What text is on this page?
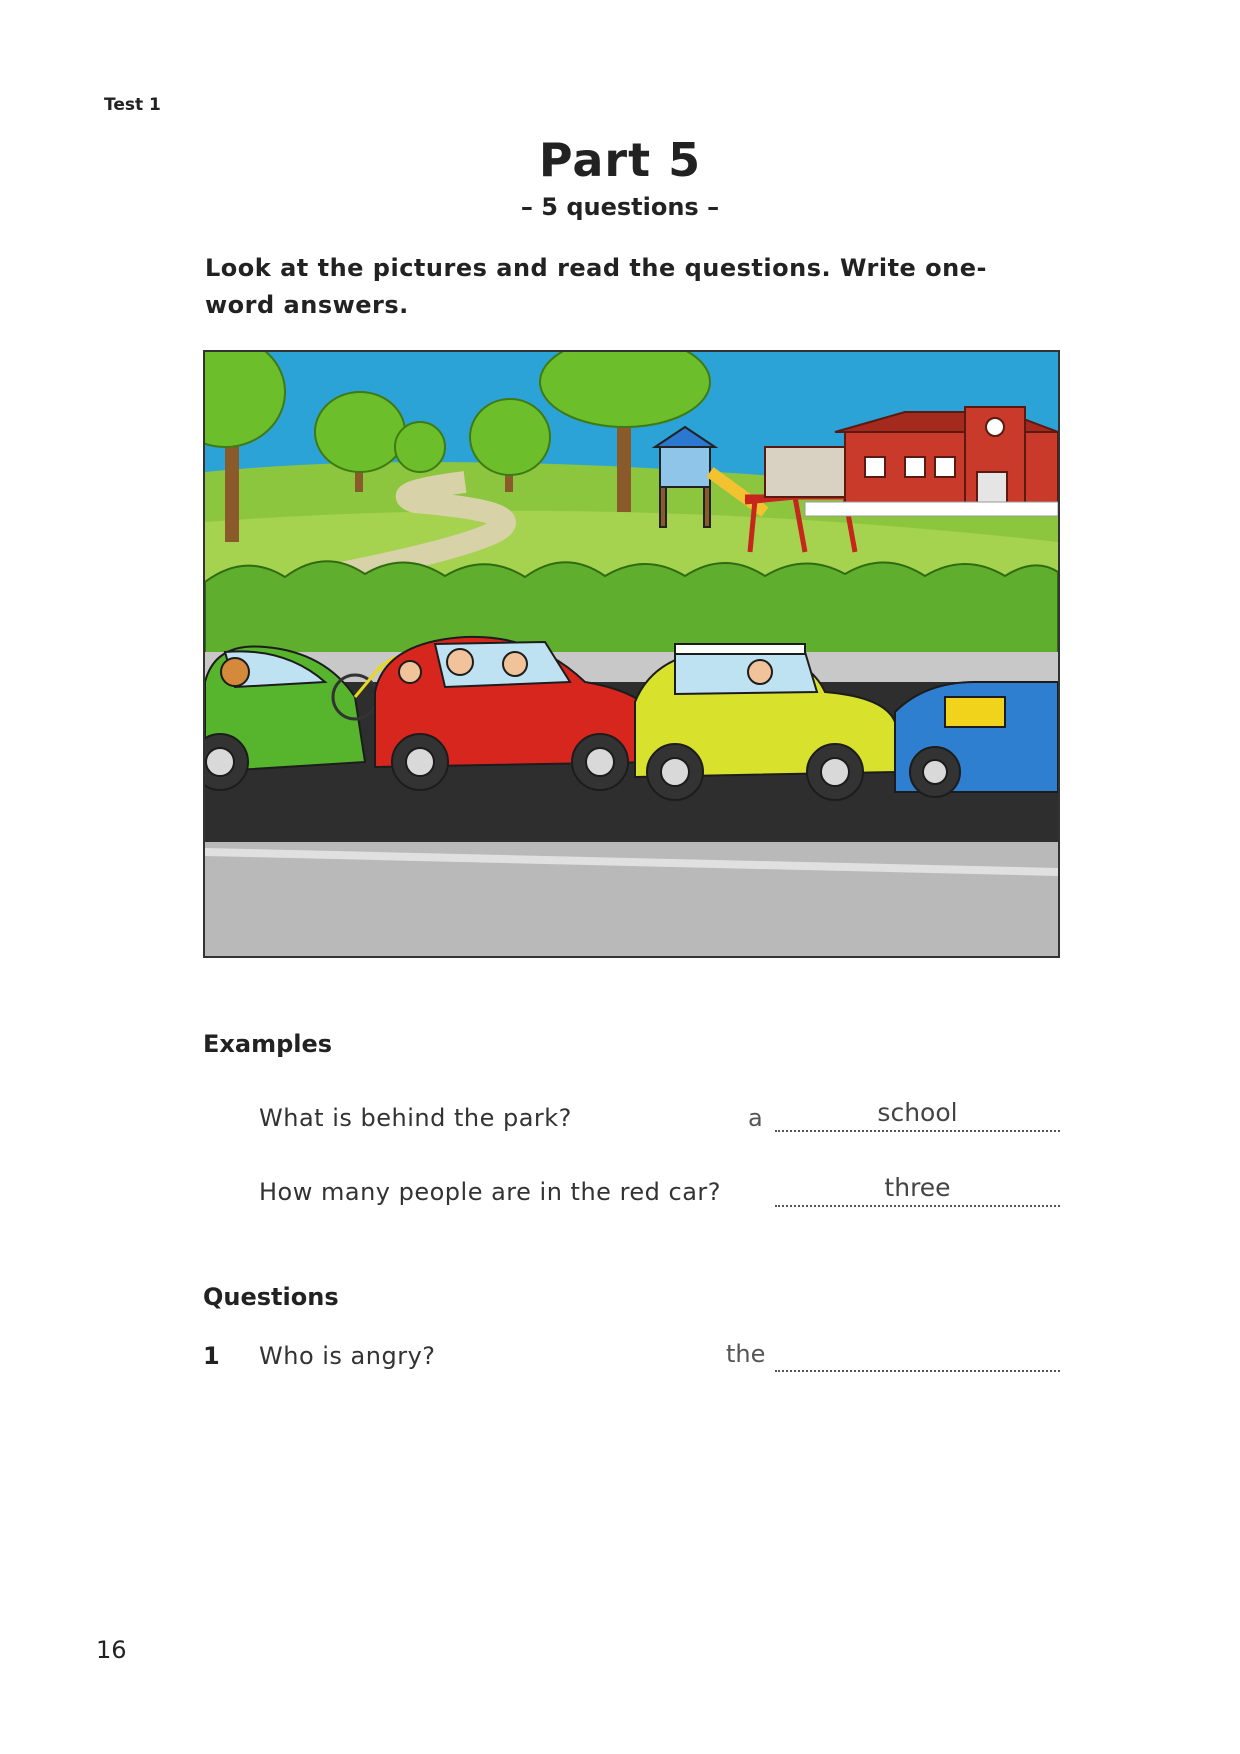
Test 1
Part 5
– 5 questions –
Look at the pictures and read the questions. Write one-word answers.
Examples
What is behind the park?	a	school
How many people are in the red car?	three
Questions
1 Who is angry?	the
16
